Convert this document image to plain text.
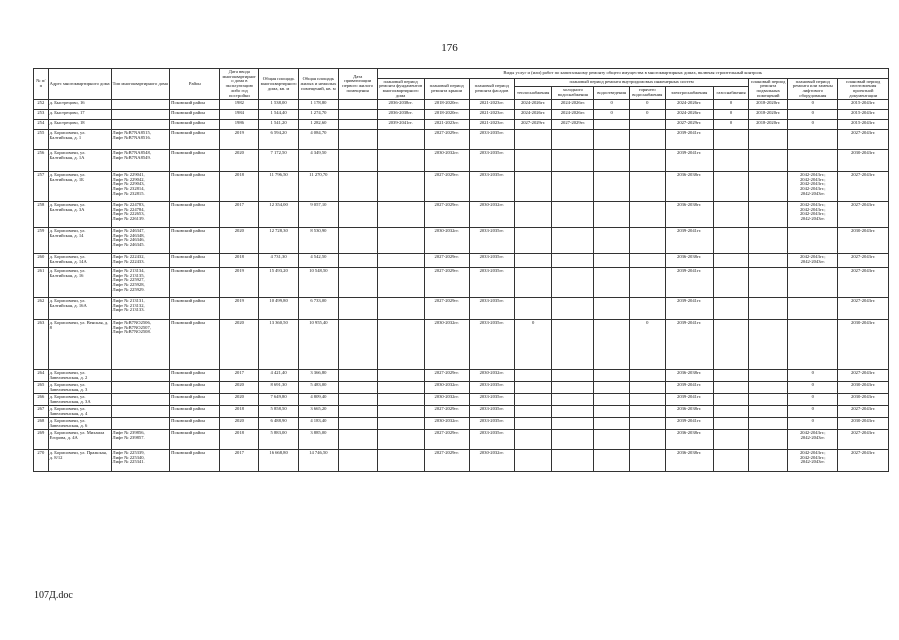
176
№ п/п	Адрес многоквартирного дома	Тип многоквартирного дома	Район	Дата ввода многоквартирного дома в эксплуатацию либо год постройки	Общая площадь многоквартирного дома, кв. м	Общая площадь жилых и нежилых помещений, кв. м	Дата приватизации первого жилого помещения	Виды услуг и (или) работ по капитальному ремонту общего имущества в многоквартирных домах, включая строительный контроль											
								плановый период ремонта фундаментов многоквартирного дома	плановый период ремонта крыши	плановый период ремонта фасадов	плановый период ремонта внутридомовых инженерных систем						плановый период ремонта подвальных помещений	плановый период ремонта или замены лифтового оборудования	плановый период изготовления проектной документации
											теплоснабжения	холодного водоснабжения	водоотведения	горячего водоснабжения	электроснабжения	газоснабжения			
252	д. Быстрецово, 16		Псковский район	1982	1 538,00	1 178,80		2036-2038гг.	2018-2020гг.	2021-2023гг.	2024-2026гг.	2024-2026гг.	0	0	2024-2026гг.	0	2018-2020гг.	0	2015-2043гг.
253	д. Быстрецово, 17		Псковский район	1984	1 544,40	1 274,70		2036-2038гг.	2018-2020гг.	2021-2023гг.	2024-2026гг.	2024-2026гг.	0	0	2024-2026гг.	0	2018-2020гг.	0	2015-2043гг.
254	д. Быстрецово, 18		Псковский район	1986	1 541,20	1 282,60		2039-2041гг.	2021-2023гг.	2021-2023гг.	2027-2029гг.	2027-2029гг.			2027-2029гг.	0	2018-2020гг.	0	2015-2043гг.
255	д. Борисовичи, ул. Балтийская, д. 1	Лифт №В7NA8515,
Лифт №В7NA8516.	Псковский район	2019	6 594,20	4 084,70			2027-2029гг.	2033-2035гг.					2039-2041гг.				2027-2043гг.
256	д. Борисовичи, ул. Балтийская, д. 1А	Лифт №В7NA8548,
Лифт №В7NA8549.	Псковский район	2020	7 172,50	4 349,50			2030-2032гг.	2033-2035гг.					2039-2041гг.				2030-2043гг.
257	д. Борисовичи, ул. Балтийская, д. 1Б	Лифт № 229041,
Лифт № 229042,
Лифт № 229043,
Лифт № 232814,
Лифт № 232815.	Псковский район	2018	11 796,50	11 270,70			2027-2029гг.	2033-2035гг.					2036-2038гг.			2042-2043гг.;
2042-2043гг.;
2042-2043гг.;
2042-2043гг.;
2042-2043гг.	2027-2043гг.
258	д. Борисовичи, ул. Балтийская, д. 3А	Лифт № 224783,
Лифт № 224784,
Лифт № 222653,
Лифт № 226139.	Псковский район	2017	12 354,00	9 057,10			2027-2029гг.	2030-2032гг.					2036-2038гг.			2042-2043гг.;
2042-2043гг.;
2042-2043гг.;
2042-2043гг.	2027-2043гг.
259	д. Борисовичи, ул. Балтийская, д. 14	Лифт № 246347,
Лифт № 246348,
Лифт № 246346,
Лифт № 246345.	Псковский район	2020	12 728,30	8 530,90			2030-2032гг.	2033-2035гг.					2039-2041гг.				2030-2043гг.
260	д. Борисовичи, ул. Балтийская, д. 14А	Лифт № 222432,
Лифт № 222433.	Псковский район	2018	4 731,30	4 542,50			2027-2029гг.	2033-2035гг.					2036-2038гг.			2042-2043гг.;
2042-2043гг.	2027-2043гг.
261	д. Борисовичи, ул. Балтийская, д. 16	Лифт № 213134,
Лифт № 213135,
Лифт № 225927,
Лифт № 225928,
Лифт № 225929.	Псковский район	2019	15 493,20	10 548,50			2027-2029гг.	2033-2035гг.					2039-2041гг.				2027-2043гг.
262	д. Борисовичи, ул. Балтийская, д. 16А	Лифт № 213131,
Лифт № 213132,
Лифт № 213133.	Псковский район	2019	10 499,80	6 733,00			2027-2029гг.	2033-2035гг.					2039-2041гг.				2027-2043гг.
263	д. Борисовичи, ул. Венская, д. 8	Лифт №В7NO2506,
Лифт №В7NO2507,
Лифт №В7NO2508.	Псковский район	2020	13 360,50	10 955,40			2030-2032гг.	2033-2035гг.	0			0	2039-2041гг.				2030-2043гг.
264	д. Борисовичи, ул. Завеличенская, д. 2		Псковский район	2017	4 421,40	3 366,80			2027-2029гг.	2030-2032гг.					2036-2038гг.			0	2027-2043гг.
265	д. Борисовичи, ул. Завеличенская, д. 3		Псковский район	2020	8 691,30	5 483,00			2030-2032гг.	2033-2035гг.					2039-2041гг.			0	2030-2043гг.
266	д. Борисовичи, ул. Завеличенская, д. 3А		Псковский район	2020	7 649,80	4 809,40			2030-2032гг.	2033-2035гг.					2039-2041гг.			0	2030-2043гг.
267	д. Борисовичи, ул. Завеличенская, д. 4		Псковский район	2018	5 858,50	3 665,20			2027-2029гг.	2033-2035гг.					2036-2038гг.			0	2027-2043гг.
268	д. Борисовичи, ул. Завеличенская, д. 6		Псковский район	2020	6 488,90	4 183,40			2030-2032гг.	2033-2035гг.					2039-2041гг.			0	2030-2043гг.
269	д. Борисовичи, ул. Михаила Егорова, д. 4А	Лифт № 239856,
Лифт № 239857.	Псковский район	2018	5 883,00	3 885,00			2027-2029гг.	2033-2035гг.					2036-2038гг.			2042-2043гг.;
2042-2043гг.	2027-2043гг.
270	д. Борисовичи, ул. Пражская, д. 8/12	Лифт № 225339,
Лифт № 225340,
Лифт № 225341.	Псковский район	2017	16 668,80	14 746,50			2027-2029гг.	2030-2032гг.					2036-2038гг.			2042-2043гг.;
2042-2043гг.;
2042-2043гг.	2027-2043гг.
107Д.doc
